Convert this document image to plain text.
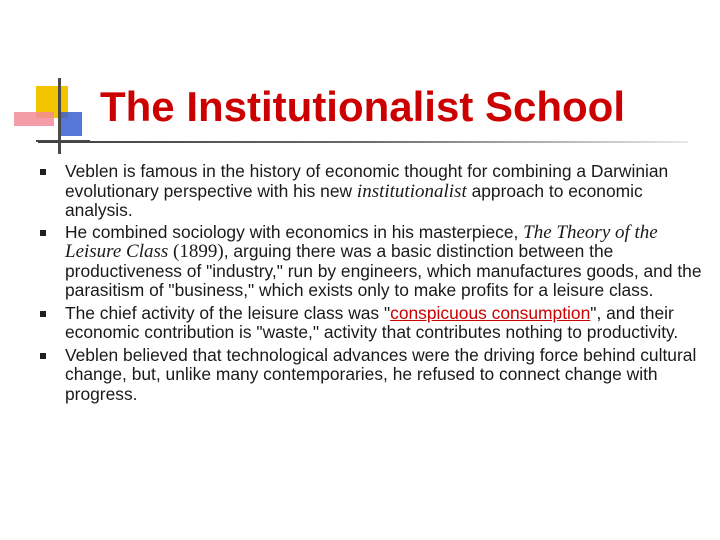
The Institutionalist School
Veblen is famous in the history of economic thought for combining a Darwinian evolutionary perspective with his new institutionalist approach to economic analysis.
He combined sociology with economics in his masterpiece, The Theory of the Leisure Class (1899), arguing there was a basic distinction between the productiveness of "industry," run by engineers, which manufactures goods, and the parasitism of "business," which exists only to make profits for a leisure class.
The chief activity of the leisure class was "conspicuous consumption", and their economic contribution is "waste," activity that contributes nothing to productivity.
Veblen believed that technological advances were the driving force behind cultural change, but, unlike many contemporaries, he refused to connect change with progress.
